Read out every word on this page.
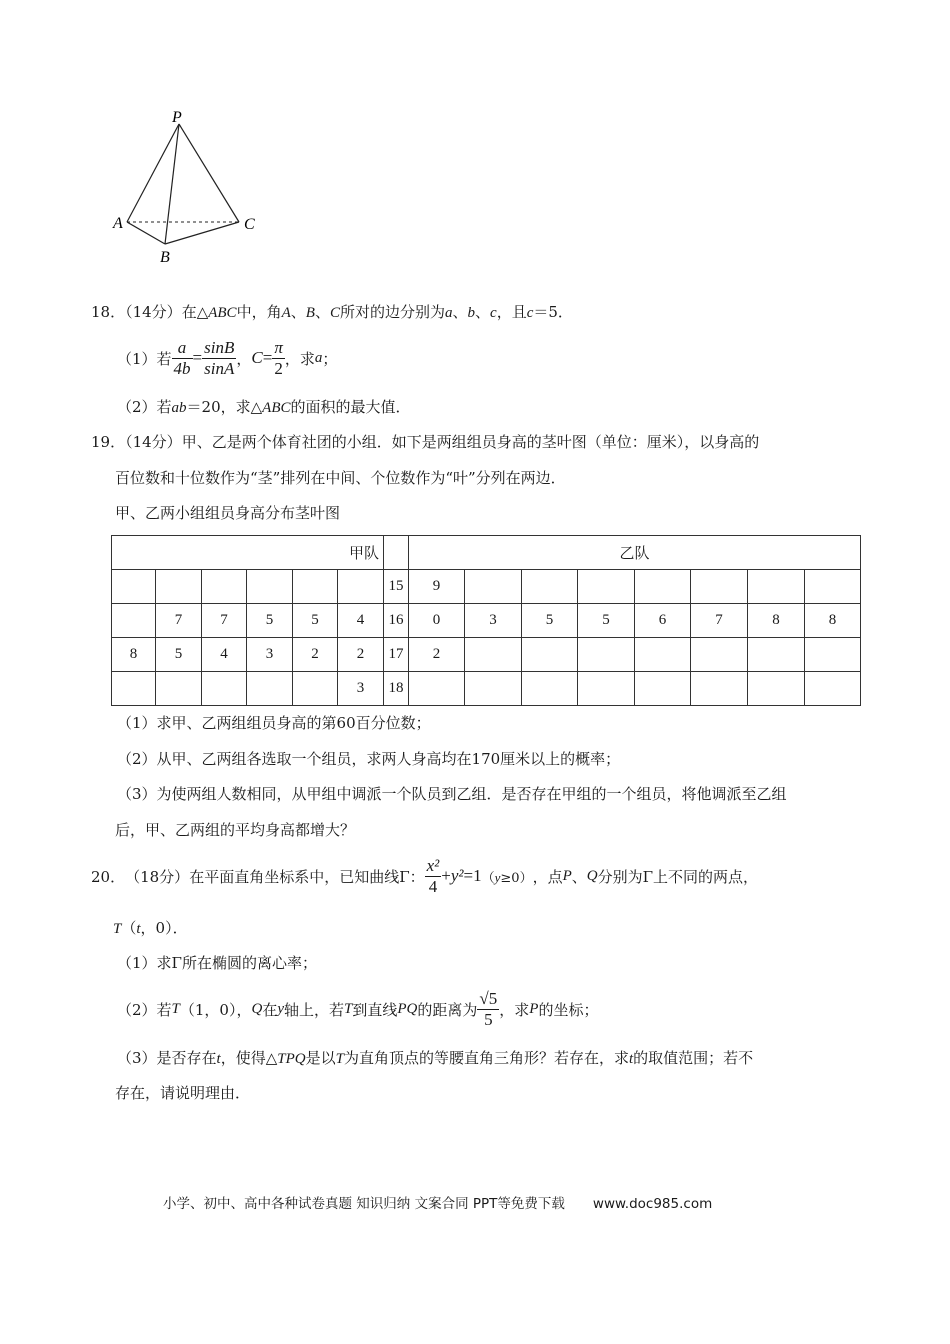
P
A
B
C
18．（14分）在△ABC中，角A、B、C所对的边分别为a、b、c，且c＝5．
（1）若 $\frac{a}{4b} = \frac{\sin B}{\sin A}$ ， $C = \frac{\pi}{2}$ ，求 a ；
（2）若ab＝20，求△ABC的面积的最大值．
19．（14分）甲、乙是两个体育社团的小组．如下是两组组员身高的茎叶图（单位：厘米），以身高的
百位数和十位数作为“茎”排列在中间、个位数作为“叶”分列在两边．
甲、乙两小组组员身高分布茎叶图
甲队							乙队							
						15	9							
	7	7	5	5	4	16	0	3	5	5	6	7	8	8
8	5	4	3	2	2	17	2							
					3	18								
（1）求甲、乙两组组员身高的第60百分位数；
（2）从甲、乙两组各选取一个组员，求两人身高均在170厘米以上的概率；
（3）为使两组人数相同，从甲组中调派一个队员到乙组．是否存在甲组的一个组员，将他调派至乙组
后，甲、乙两组的平均身高都增大？
20． （18分） 在平面直角坐标系中，已知曲线Γ： $\frac{\text{x²}}{4} + y^2 =1$ （y≥0） ，点 P 、 Q 分别为Γ上不同的两点，
T（t，0）．
（1）求Γ所在椭圆的离心率；
（2）若 T （1，0）， Q 在 y 轴上，若 T 到直线 PQ 的距离为 $\frac{√5}{5}$ ，求 P 的坐标；
（3）是否存在t，使得△TPQ是以T为直角顶点的等腰直角三角形？若存在，求t的取值范围；若不
存在，请说明理由．
小学、初中、高中各种试卷真题 知识归纳 文案合同 PPT等免费下载 www.doc985.com
